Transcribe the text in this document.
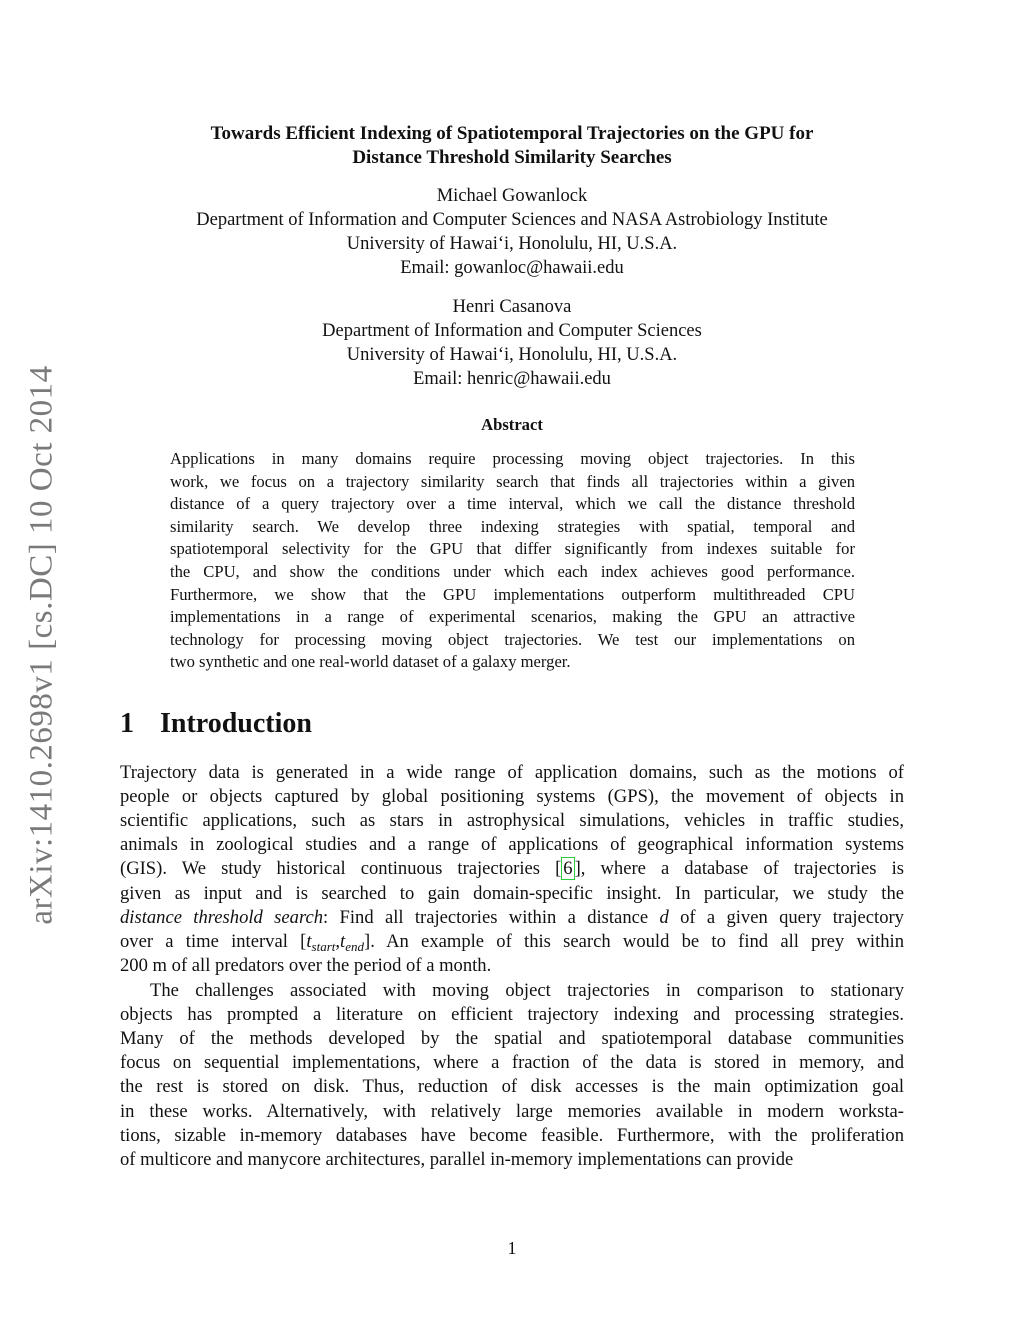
arXiv:1410.2698v1 [cs.DC] 10 Oct 2014
Towards Efficient Indexing of Spatiotemporal Trajectories on the GPU for
Distance Threshold Similarity Searches
Michael Gowanlock
Department of Information and Computer Sciences and NASA Astrobiology Institute
University of Hawai‘i, Honolulu, HI, U.S.A.
Email: gowanloc@hawaii.edu
Henri Casanova
Department of Information and Computer Sciences
University of Hawai‘i, Honolulu, HI, U.S.A.
Email: henric@hawaii.edu
Abstract
Applications in many domains require processing moving object trajectories. In this
work, we focus on a trajectory similarity search that finds all trajectories within a given
distance of a query trajectory over a time interval, which we call the distance threshold
similarity search. We develop three indexing strategies with spatial, temporal and
spatiotemporal selectivity for the GPU that differ significantly from indexes suitable for
the CPU, and show the conditions under which each index achieves good performance.
Furthermore, we show that the GPU implementations outperform multithreaded CPU
implementations in a range of experimental scenarios, making the GPU an attractive
technology for processing moving object trajectories. We test our implementations on
two synthetic and one real-world dataset of a galaxy merger.
1 Introduction
Trajectory data is generated in a wide range of application domains, such as the motions of
people or objects captured by global positioning systems (GPS), the movement of objects in
scientific applications, such as stars in astrophysical simulations, vehicles in traffic studies,
animals in zoological studies and a range of applications of geographical information systems
(GIS). We study historical continuous trajectories [ 6 ], where a database of trajectories is
given as input and is searched to gain domain-specific insight. In particular, we study the
distance threshold search: Find all trajectories within a distance d of a given query trajectory
over a time interval $[t_{start},t_{end}]$. An example of this search would be to find all prey within
200 m of all predators over the period of a month.
The challenges associated with moving object trajectories in comparison to stationary
objects has prompted a literature on efficient trajectory indexing and processing strategies.
Many of the methods developed by the spatial and spatiotemporal database communities
focus on sequential implementations, where a fraction of the data is stored in memory, and
the rest is stored on disk. Thus, reduction of disk accesses is the main optimization goal
in these works. Alternatively, with relatively large memories available in modern worksta-
tions, sizable in-memory databases have become feasible. Furthermore, with the proliferation
of multicore and manycore architectures, parallel in-memory implementations can provide
1
